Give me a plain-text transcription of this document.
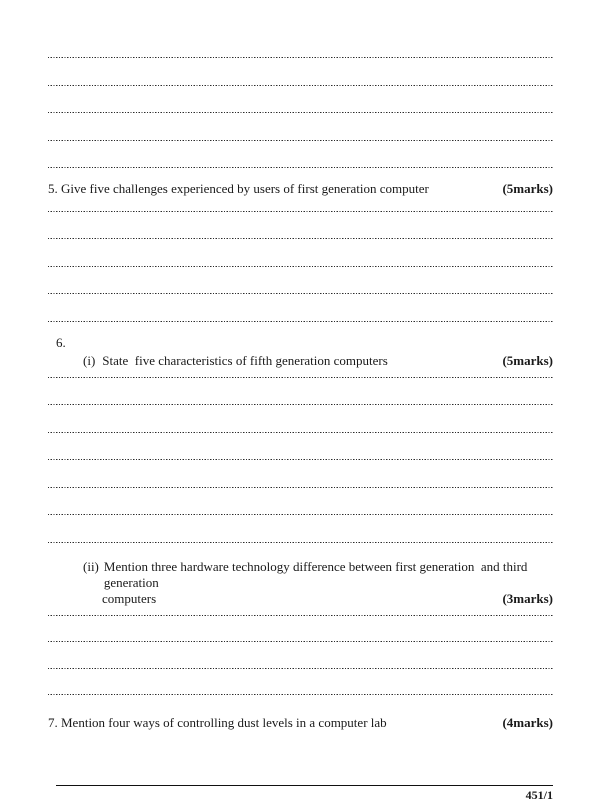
5. Give five challenges experienced by users of first generation computer	(5marks)
6.
(i) State  five characteristics of fifth generation computers	(5marks)
(ii) Mention three hardware technology difference between first generation  and third generation
computers	(3marks)
7. Mention four ways of controlling dust levels in a computer lab	(4marks)
451/1
